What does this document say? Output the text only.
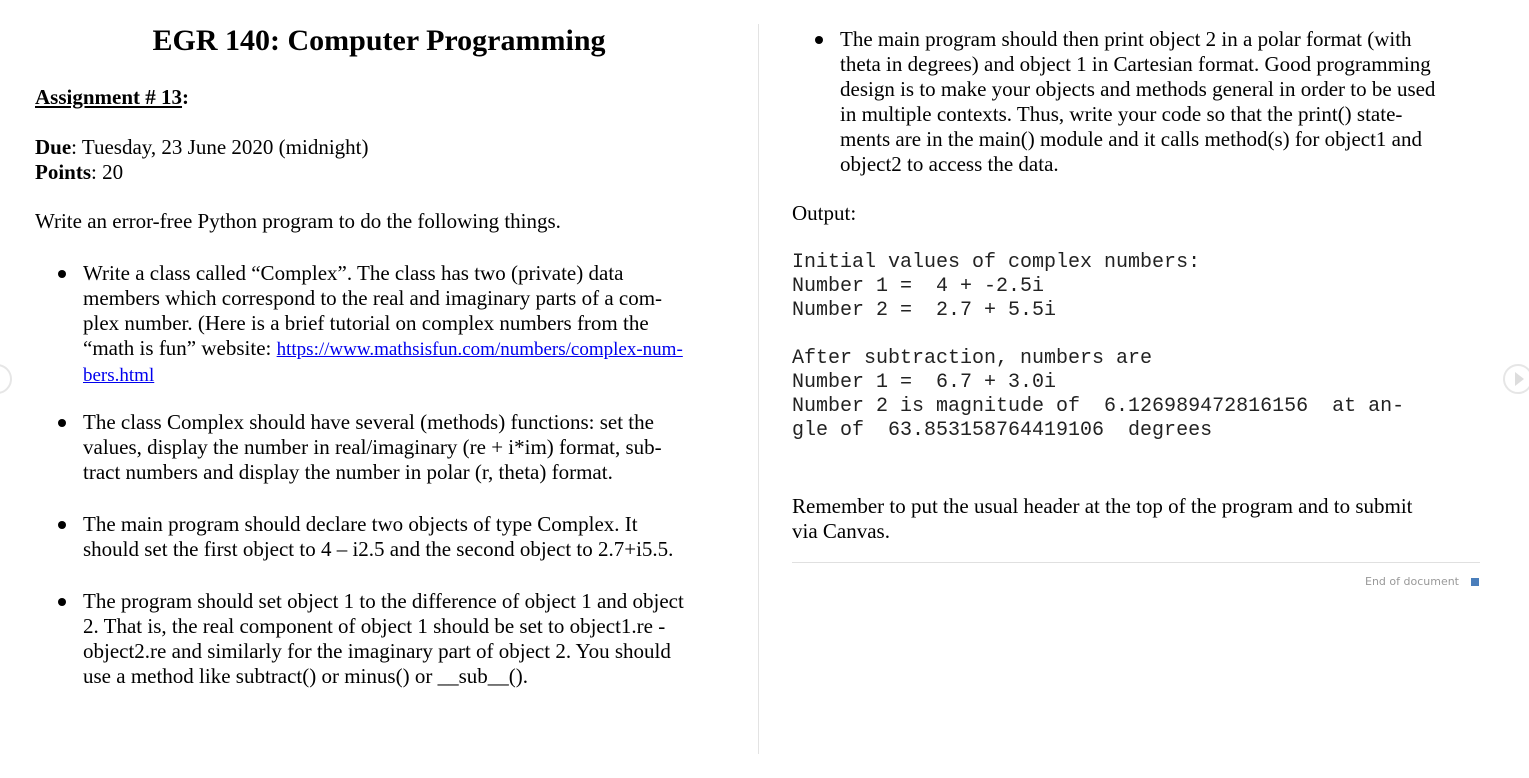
EGR 140: Computer Programming
Assignment # 13:
Due: Tuesday, 23 June 2020 (midnight)
Points: 20
Write an error-free Python program to do the following things.
Write a class called “Complex”. The class has two (private) data
members which correspond to the real and imaginary parts of a com-
plex number. (Here is a brief tutorial on complex numbers from the
“math is fun” website: https://www.mathsisfun.com/numbers/complex-num-
bers.html
The class Complex should have several (methods) functions: set the
values, display the number in real/imaginary (re + i*im) format, sub-
tract numbers and display the number in polar (r, theta) format.
The main program should declare two objects of type Complex. It
should set the first object to 4 – i2.5 and the second object to 2.7+i5.5.
The program should set object 1 to the difference of object 1 and object
2. That is, the real component of object 1 should be set to object1.re -
object2.re and similarly for the imaginary part of object 2. You should
use a method like subtract() or minus() or __sub__().
The main program should then print object 2 in a polar format (with
theta in degrees) and object 1 in Cartesian format. Good programming
design is to make your objects and methods general in order to be used
in multiple contexts. Thus, write your code so that the print() state-
ments are in the main() module and it calls method(s) for object1 and
object2 to access the data.
Output:
Initial values of complex numbers:
Number 1 =  4 + -2.5i
Number 2 =  2.7 + 5.5i
After subtraction, numbers are
Number 1 =  6.7 + 3.0i
Number 2 is magnitude of  6.126989472816156  at an-
gle of  63.853158764419106  degrees
Remember to put the usual header at the top of the program and to submit
via Canvas.
End of document
